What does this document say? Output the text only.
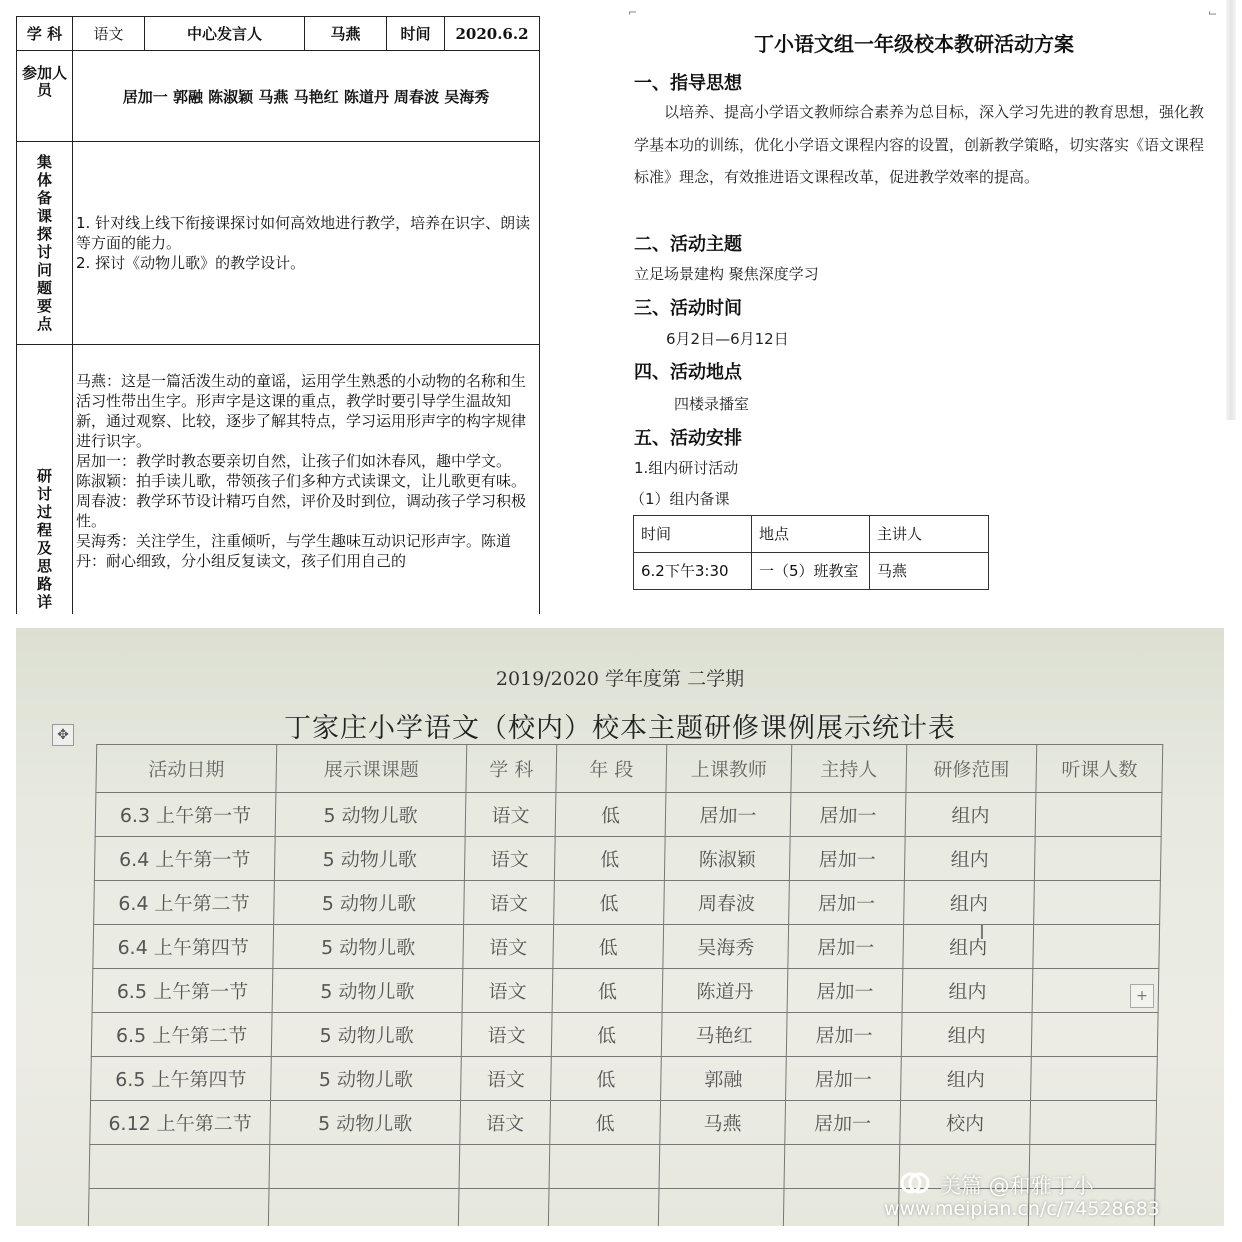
学 科	语文	中心发言人	马燕	时间	2020.6.2
参加人员	居加一 郭融 陈淑颖 马燕 马艳红 陈道丹 周春波 吴海秀				

集体备课探讨问题要点	1. 针对线上线下衔接课探讨如何高效地进行教学，培养在识字、朗读等方面的能力。

2. 探讨《动物儿歌》的教学设计。				

研讨过程及思路详	马燕：这是一篇活泼生动的童谣，运用学生熟悉的小动物的名称和生活习性带出生字。形声字是这课的重点，教学时要引导学生温故知新，通过观察、比较，逐步了解其特点，学习运用形声字的构字规律进行识字。

居加一：教学时教态要亲切自然，让孩子们如沐春风，趣中学文。

陈淑颖：拍手读儿歌，带领孩子们多种方式读课文，让儿歌更有味。

周春波：教学环节设计精巧自然，评价及时到位，调动孩子学习积极性。

吴海秀：关注学生，注重倾听，与学生趣味互动识记形声字。陈道丹：耐心细致，分小组反复读文，孩子们用自己的				

⌐	⌙
丁小语文组一年级校本教研活动方案
一、指导思想
以培养、提高小学语文教师综合素养为总目标，深入学习先进的教育思想，强化教学基本功的训练，优化小学语文课程内容的设置，创新教学策略，切实落实《语文课程标准》理念，有效推进语文课程改革，促进教学效率的提高。
二、活动主题
立足场景建构 聚焦深度学习
三、活动时间
6月2日—6月12日
四、活动地点
四楼录播室
五、活动安排
1.组内研讨活动
（1）组内备课
时间	地点	主讲人
6.2下午3:30	一（5）班教室	马燕
2019/2020 学年度第 二学期
丁家庄小学语文（校内）校本主题研修课例展示统计表
✥
活动日期	展示课课题	学 科	年 段	上课教师	主持人	研修范围	听课人数
6.3 上午第一节	5 动物儿歌	语文	低	居加一	居加一	组内	
6.4 上午第一节	5 动物儿歌	语文	低	陈淑颖	居加一	组内	
6.4 上午第二节	5 动物儿歌	语文	低	周春波	居加一	组内	
6.4 上午第四节	5 动物儿歌	语文	低	吴海秀	居加一	组内	
6.5 上午第一节	5 动物儿歌	语文	低	陈道丹	居加一	组内	
6.5 上午第二节	5 动物儿歌	语文	低	马艳红	居加一	组内	
6.5 上午第四节	5 动物儿歌	语文	低	郭融	居加一	组内	
6.12 上午第二节	5 动物儿歌	语文	低	马燕	居加一	校内	

I
+
美篇 @和雅丁小
www.meipian.cn/c/74528683
